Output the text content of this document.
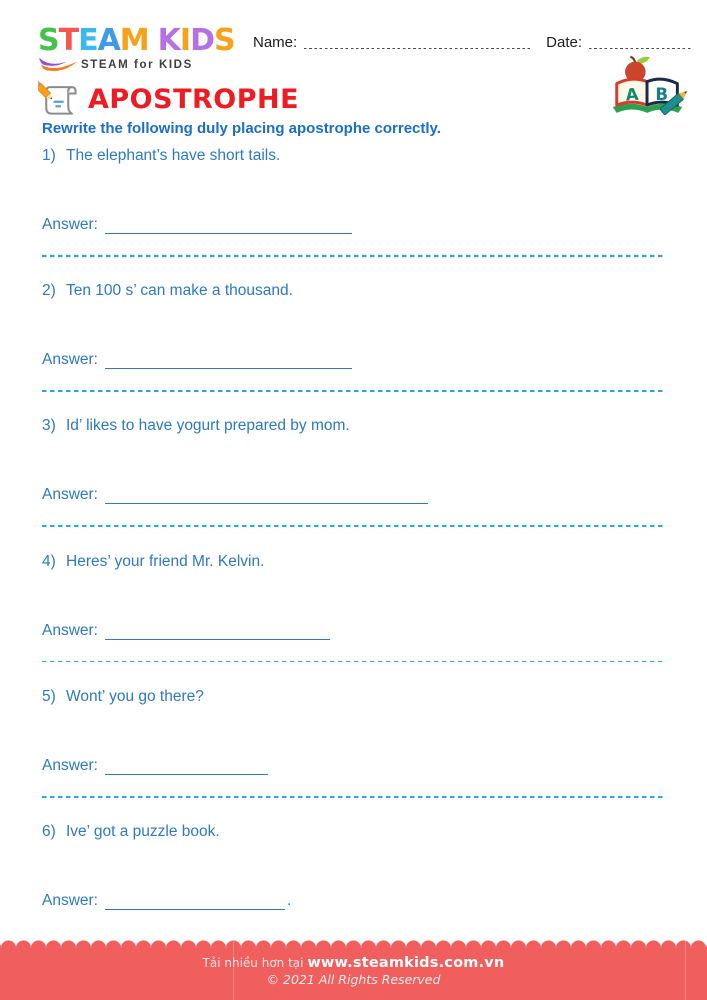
STEAM KIDS
STEAM for KIDS
Name:	Date:
A B
APOSTROPHE
Rewrite the following duly placing apostrophe correctly.
1) The elephant’s have short tails.
Answer:
2) Ten 100 s’ can make a thousand.
Answer:
3) Id’ likes to have yogurt prepared by mom.
Answer:
4) Heres’ your friend Mr. Kelvin.
Answer:
5) Wont’ you go there?
Answer:
6) Ive’ got a puzzle book.
Answer:	.
Tải nhiều hơn tại www.steamkids.com.vn
© 2021 All Rights Reserved
